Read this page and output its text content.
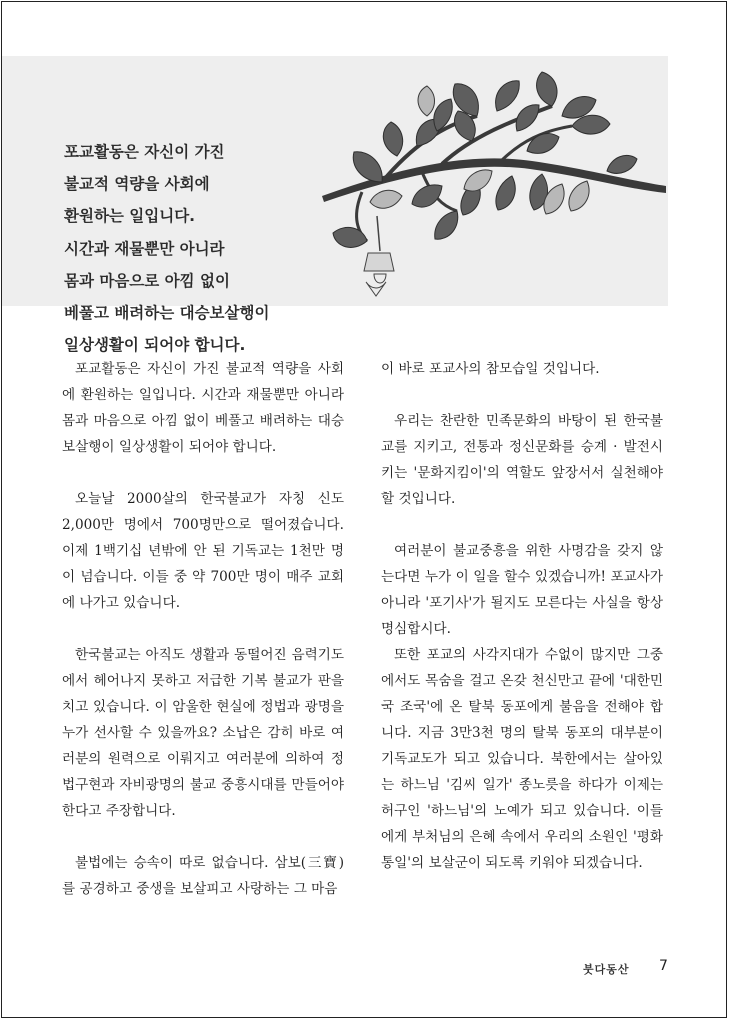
포교활동은 자신이 가진
불교적 역량을 사회에
환원하는 일입니다.
시간과 재물뿐만 아니라
몸과 마음으로 아낌 없이
베풀고 배려하는 대승보살행이
일상생활이 되어야 합니다.

포교활동은 자신이 가진 불교적 역량을 사회에 환원하는 일입니다. 시간과 재물뿐만 아니라 몸과 마음으로 아낌 없이 베풀고 배려하는 대승보살행이 일상생활이 되어야 합니다.

오늘날 2000살의 한국불교가 자칭 신도 2,000만 명에서 700명만으로 떨어졌습니다. 이제 1백기십 년밖에 안 된 기독교는 1천만 명이 넘습니다. 이들 중 약 700만 명이 매주 교회에 나가고 있습니다.

한국불교는 아직도 생활과 동떨어진 음력기도에서 헤어나지 못하고 저급한 기복 불교가 판을 치고 있습니다. 이 암울한 현실에 정법과 광명을 누가 선사할 수 있을까요? 소납은 감히 바로 여러분의 원력으로 이뤄지고 여러분에 의하여 정법구현과 자비광명의 불교 중흥시대를 만들어야 한다고 주장합니다.

불법에는 승속이 따로 없습니다. 삼보(三寶)를 공경하고 중생을 보살피고 사랑하는 그 마음

이 바로 포교사의 참모습일 것입니다.

우리는 찬란한 민족문화의 바탕이 된 한국불교를 지키고, 전통과 정신문화를 승계 · 발전시키는 '문화지킴이'의 역할도 앞장서서 실천해야 할 것입니다.

여러분이 불교중흥을 위한 사명감을 갖지 않는다면 누가 이 일을 할수 있겠습니까! 포교사가 아니라 '포기사'가 될지도 모른다는 사실을 항상 명심합시다.

또한 포교의 사각지대가 수없이 많지만 그중에서도 목숨을 걸고 온갖 천신만고 끝에 '대한민국 조국'에 온 탈북 동포에게 불음을 전해야 합니다. 지금 3만3천 명의 탈북 동포의 대부분이 기독교도가 되고 있습니다. 북한에서는 살아있는 하느님 '김씨 일가' 종노릇을 하다가 이제는 허구인 '하느님'의 노예가 되고 있습니다. 이들에게 부처님의 은혜 속에서 우리의 소원인 '평화통일'의 보살군이 되도록 키워야 되겠습니다.

붓다동산 7
